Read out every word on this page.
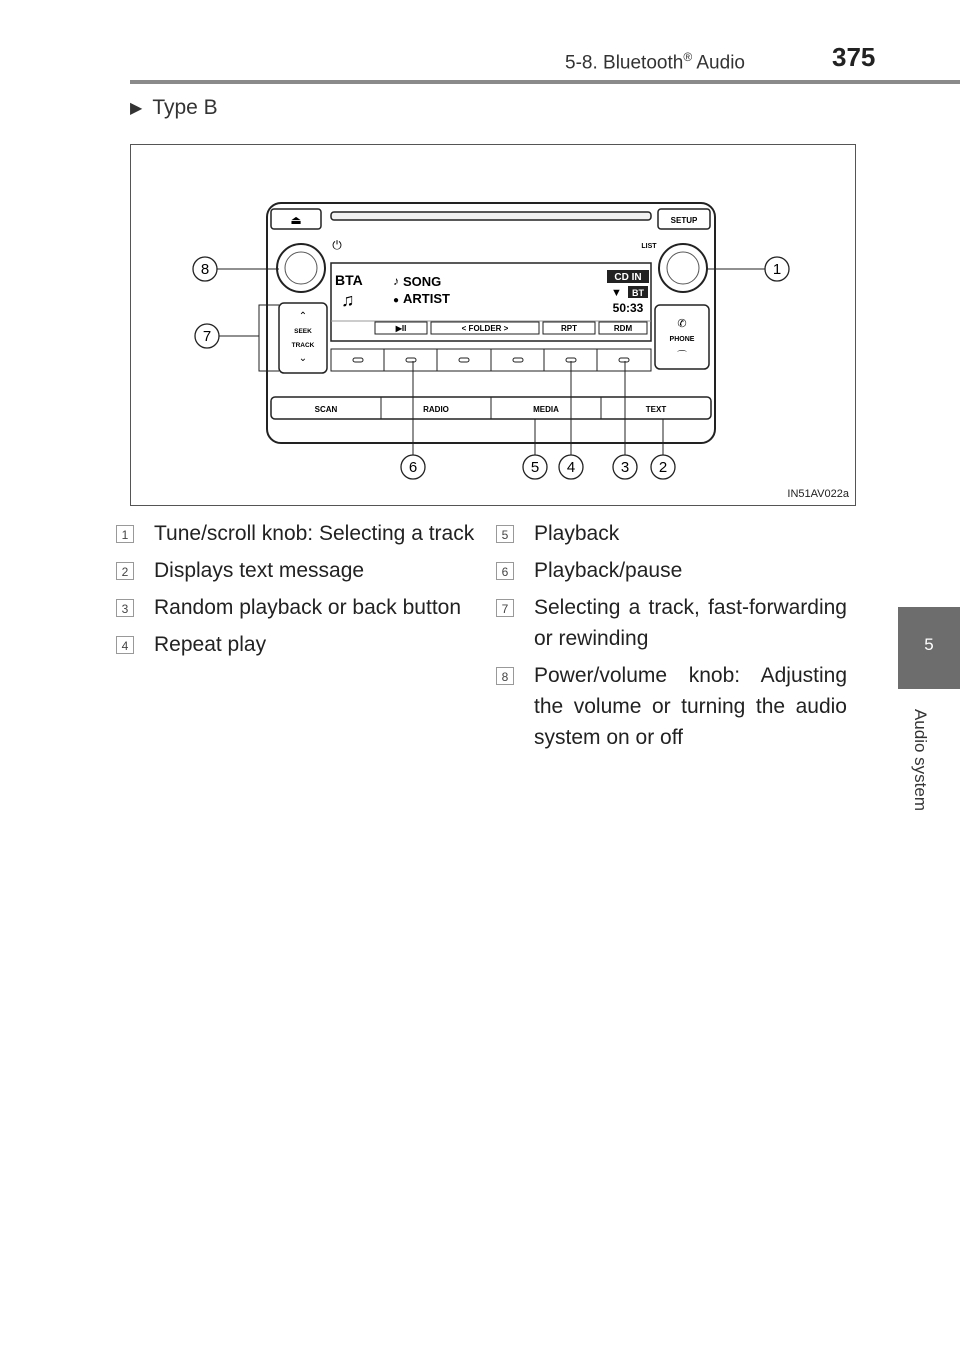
5-8. Bluetooth® Audio	375
5
Audio system
▶ Type B
⏏	SETUP
⏻	LIST
BTA	♪ SONG
♫	● ARTIST
CD IN
▼ BT
50:33
▶II	< FOLDER >	RPT	RDM
⌃
SEEK
TRACK
⌄
✆
PHONE
⌒
SCAN	RADIO	MEDIA	TEXT
1
2
3
4
5
6
7
8
IN51AV022a
1 Tune/scroll knob: Selecting a track
2 Displays text message
3 Random playback or back button
4 Repeat play
5 Playback
6 Playback/pause
7 Selecting a track, fast-forwarding or rewinding
8 Power/volume knob: Adjusting the volume or turning the audio system on or off
